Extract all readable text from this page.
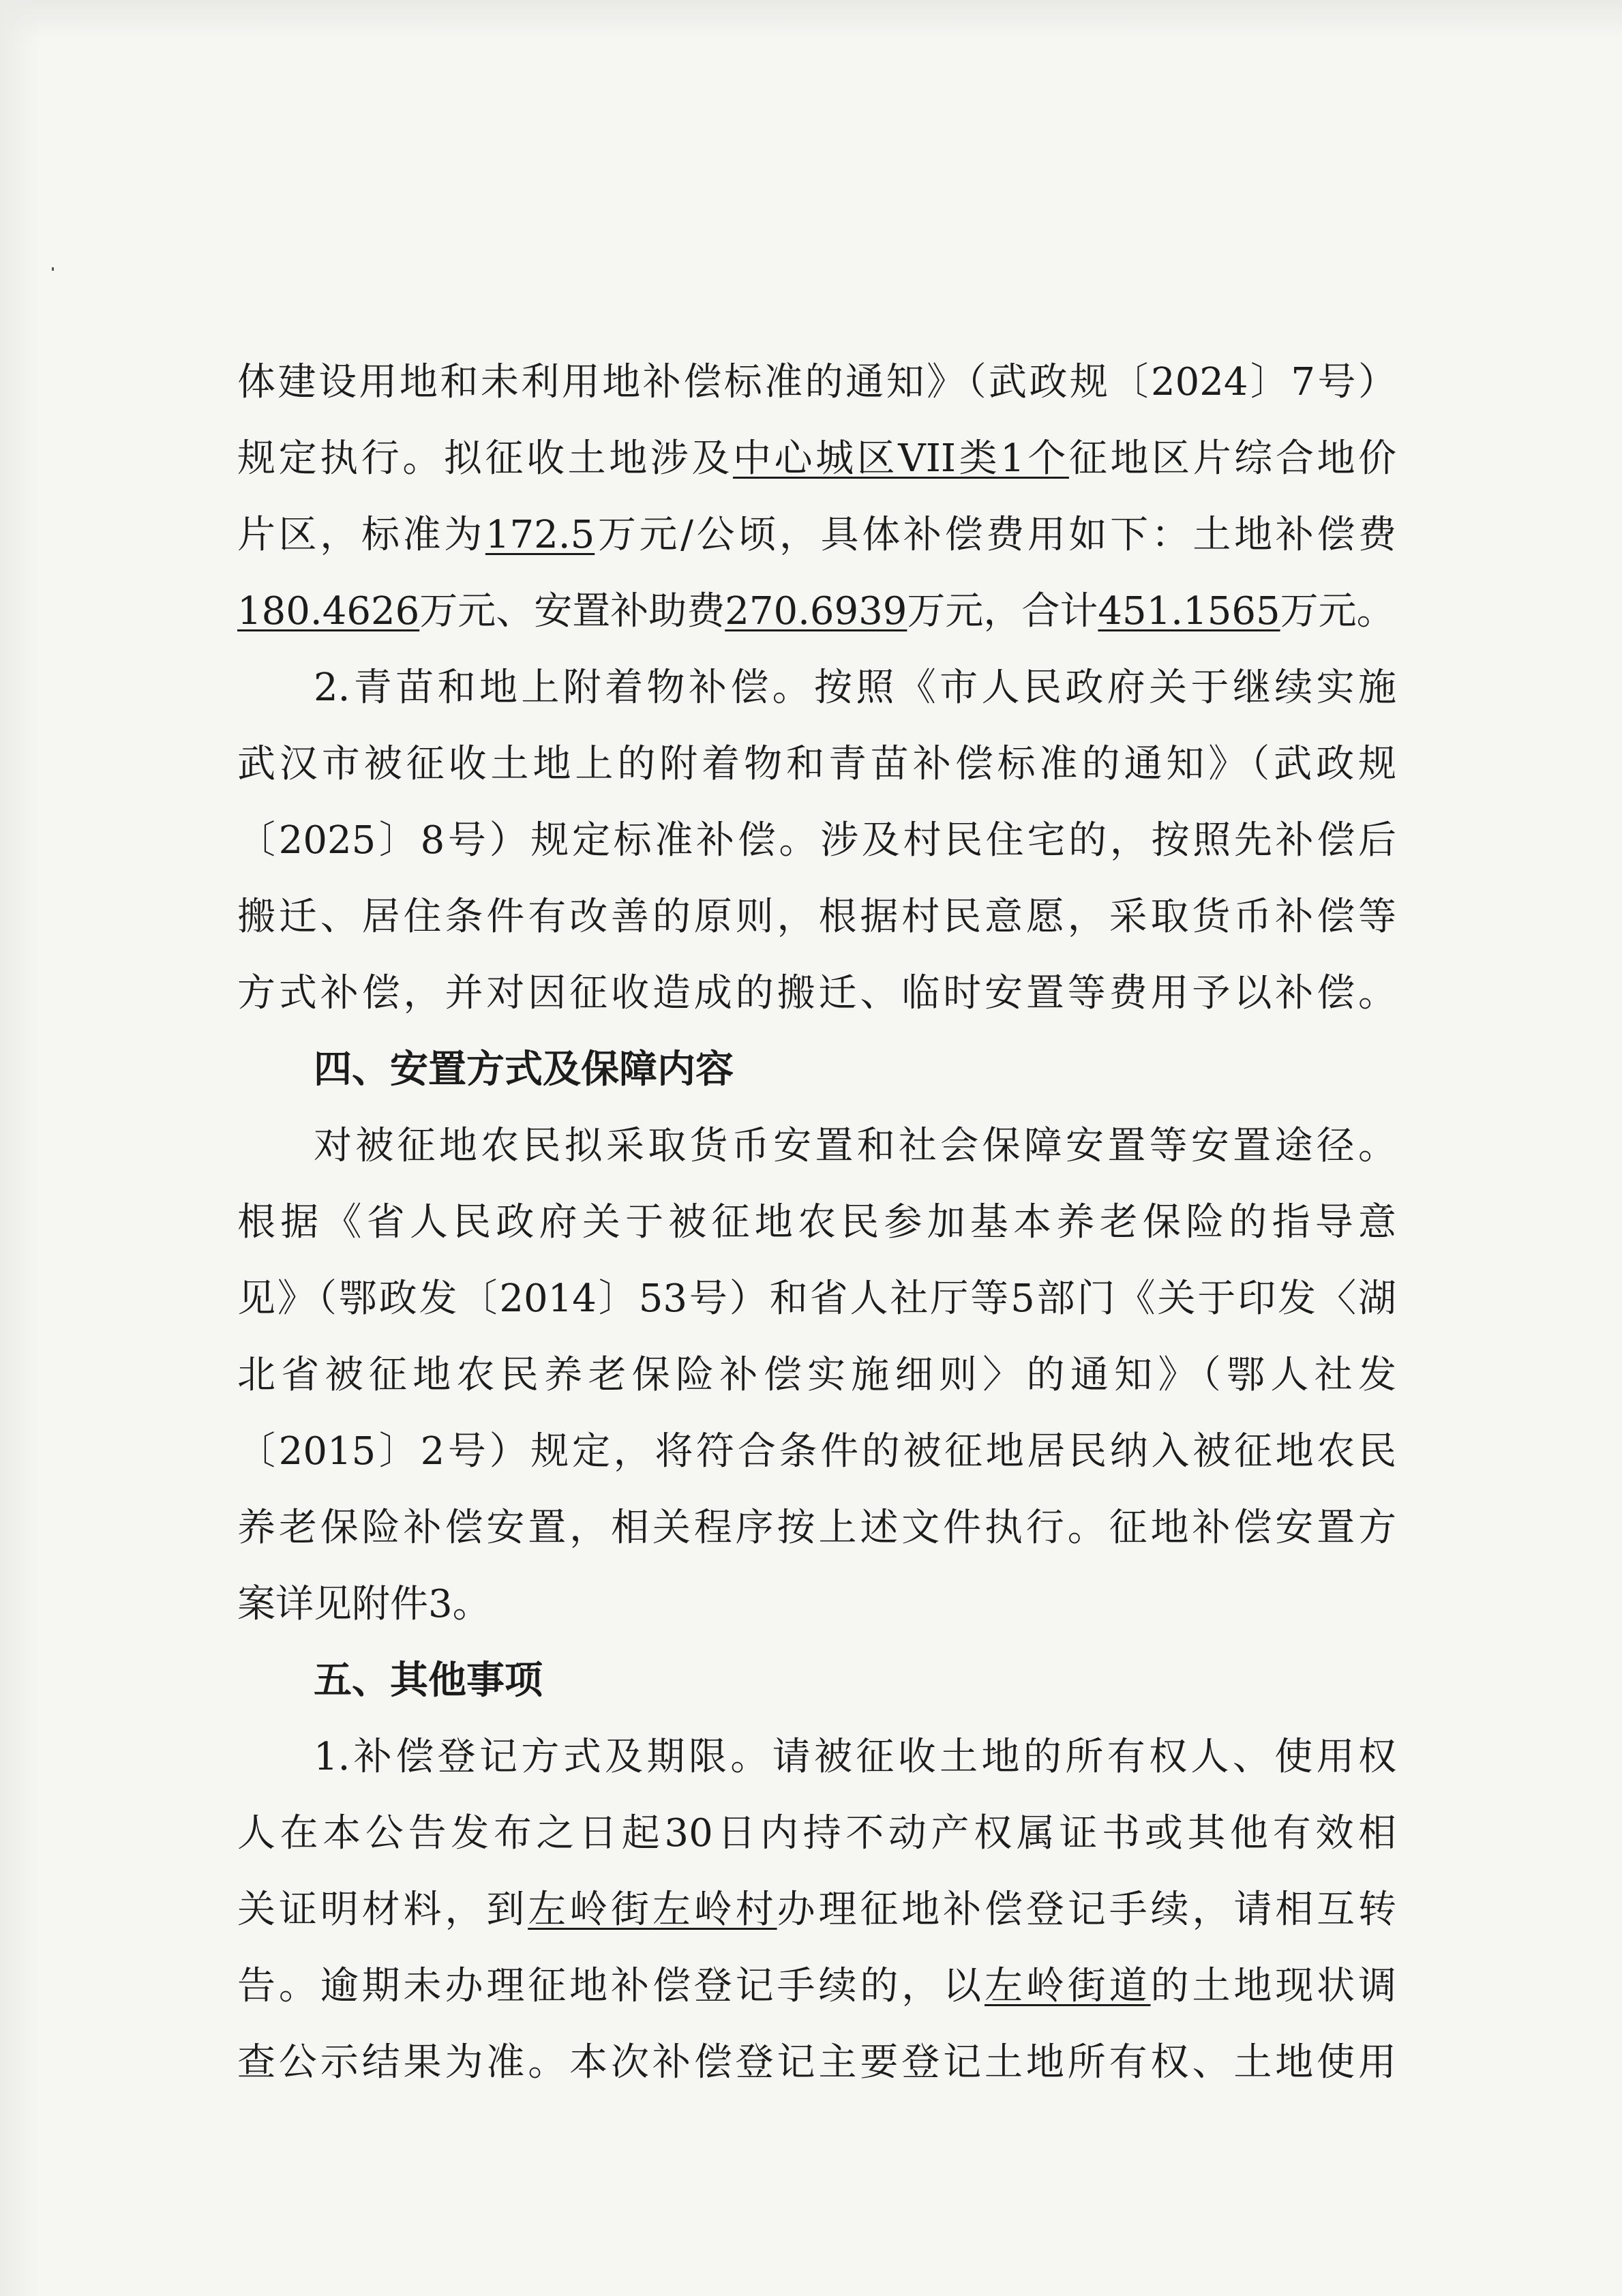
体建设用地和未利用地补偿标准的通知》（武政规〔2024〕7号）
规定执行。拟征收土地涉及中心城区VII类1个征地区片综合地价
片区，标准为172.5万元/公顷，具体补偿费用如下：土地补偿费
180.4626万元、安置补助费270.6939万元，合计451.1565万元。
2.青苗和地上附着物补偿。按照《市人民政府关于继续实施
武汉市被征收土地上的附着物和青苗补偿标准的通知》（武政规
〔2025〕8号）规定标准补偿。涉及村民住宅的，按照先补偿后
搬迁、居住条件有改善的原则，根据村民意愿，采取货币补偿等
方式补偿，并对因征收造成的搬迁、临时安置等费用予以补偿。
四、安置方式及保障内容
对被征地农民拟采取货币安置和社会保障安置等安置途径。
根据《省人民政府关于被征地农民参加基本养老保险的指导意
见》（鄂政发〔2014〕53号）和省人社厅等5部门《关于印发〈湖
北省被征地农民养老保险补偿实施细则〉的通知》（鄂人社发
〔2015〕2号）规定，将符合条件的被征地居民纳入被征地农民
养老保险补偿安置，相关程序按上述文件执行。征地补偿安置方
案详见附件3。
五、其他事项
1.补偿登记方式及期限。请被征收土地的所有权人、使用权
人在本公告发布之日起30日内持不动产权属证书或其他有效相
关证明材料，到左岭街左岭村办理征地补偿登记手续，请相互转
告。逾期未办理征地补偿登记手续的，以左岭街道的土地现状调
查公示结果为准。本次补偿登记主要登记土地所有权、土地使用
